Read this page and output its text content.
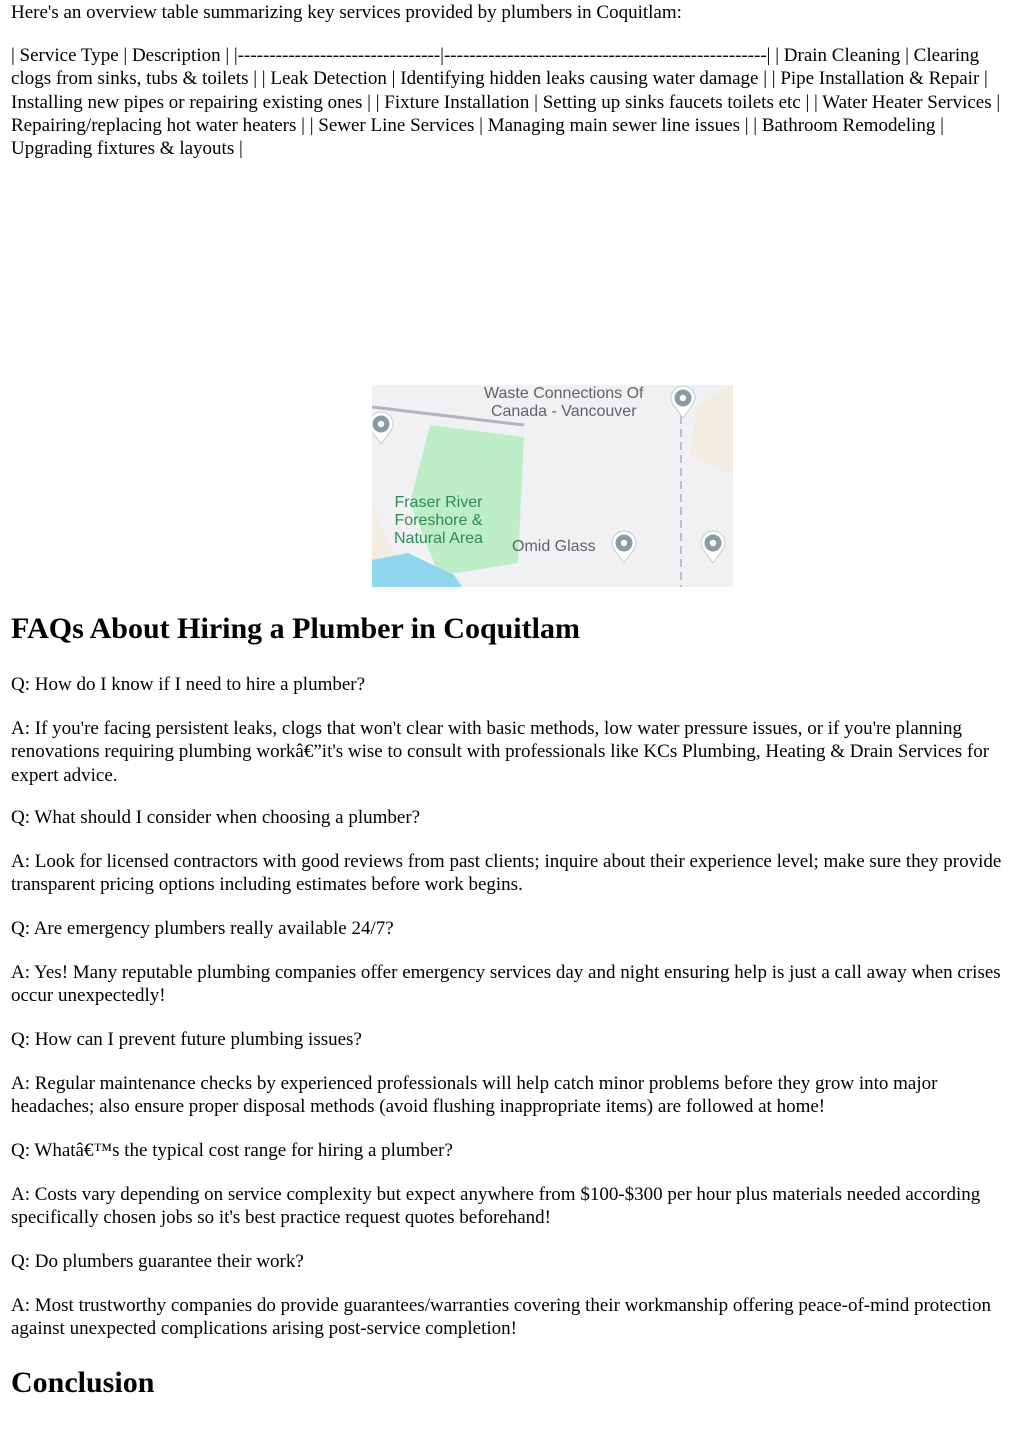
Here's an overview table summarizing key services provided by plumbers in Coquitlam:

| Service Type | Description | |--------------------------------|---------------------------------------------------| | Drain Cleaning | Clearing clogs from sinks, tubs & toilets | | Leak Detection | Identifying hidden leaks causing water damage | | Pipe Installation & Repair | Installing new pipes or repairing existing ones | | Fixture Installation | Setting up sinks faucets toilets etc | | Water Heater Services | Repairing/replacing hot water heaters | | Sewer Line Services | Managing main sewer line issues | | Bathroom Remodeling | Upgrading fixtures & layouts |

Waste Connections Of
Canada - Vancouver
Fraser River
Foreshore &
Natural Area Omid Glass
FAQs About Hiring a Plumber in Coquitlam

Q: How do I know if I need to hire a plumber?

A: If you're facing persistent leaks, clogs that won't clear with basic methods, low water pressure issues, or if you're planning renovations requiring plumbing workâ€”it's wise to consult with professionals like KCs Plumbing, Heating & Drain Services for expert advice.

Q: What should I consider when choosing a plumber?

A: Look for licensed contractors with good reviews from past clients; inquire about their experience level; make sure they provide transparent pricing options including estimates before work begins.

Q: Are emergency plumbers really available 24/7?

A: Yes! Many reputable plumbing companies offer emergency services day and night ensuring help is just a call away when crises occur unexpectedly!

Q: How can I prevent future plumbing issues?

A: Regular maintenance checks by experienced professionals will help catch minor problems before they grow into major headaches; also ensure proper disposal methods (avoid flushing inappropriate items) are followed at home!

Q: Whatâ€™s the typical cost range for hiring a plumber?

A: Costs vary depending on service complexity but expect anywhere from $100-$300 per hour plus materials needed according specifically chosen jobs so it's best practice request quotes beforehand!

Q: Do plumbers guarantee their work?

A: Most trustworthy companies do provide guarantees/warranties covering their workmanship offering peace-of-mind protection against unexpected complications arising post-service completion!

Conclusion
